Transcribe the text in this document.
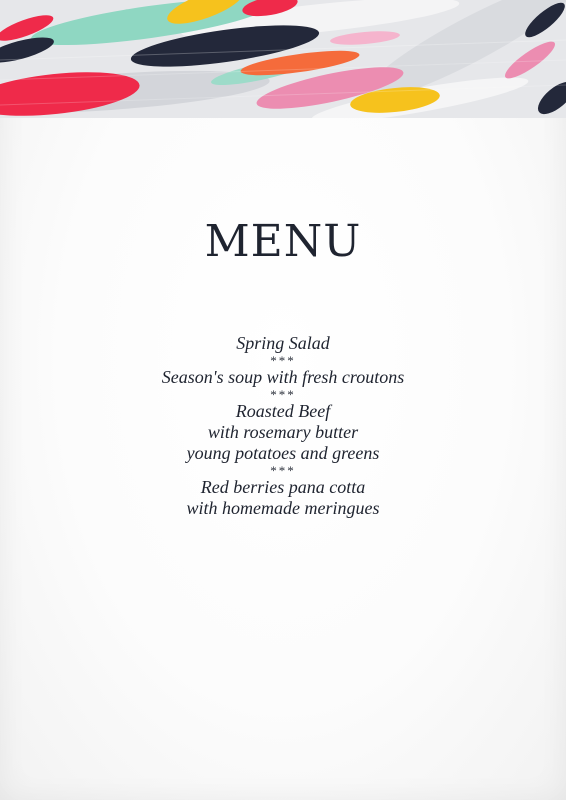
MENU
Spring Salad
***
Season's soup with fresh croutons
***
Roasted Beef
with rosemary butter
young potatoes and greens
***
Red berries pana cotta
with homemade meringues
